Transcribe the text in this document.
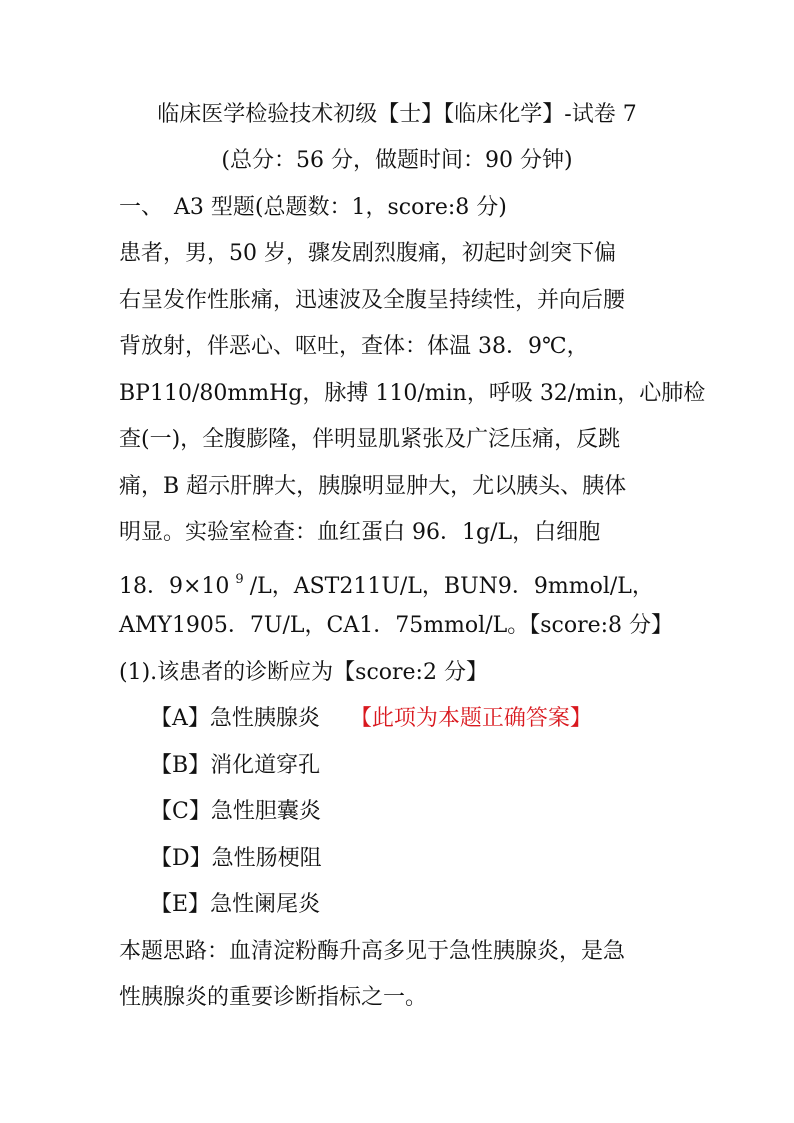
临床医学检验技术初级【士】【临床化学】-试卷 7
(总分：56 分，做题时间：90 分钟)
一、　A3 型题(总题数：1，score:8 分)
患者，男，50 岁，骤发剧烈腹痛，初起时剑突下偏
右呈发作性胀痛，迅速波及全腹呈持续性，并向后腰
背放射，伴恶心、呕吐，查体：体温 38．9℃，
BP110/80mmHg，脉搏 110/min，呼吸 32/min，心肺检
查(一)，全腹膨隆，伴明显肌紧张及广泛压痛，反跳
痛，B 超示肝脾大，胰腺明显肿大，尤以胰头、胰体
明显。实验室检查：血红蛋白 96．1g/L，白细胞
18．9×10 $^9$ /L，AST211U/L，BUN9．9mmol/L，
AMY1905．7U/L，CA1．75mmol/L。【score:8 分】
(1).该患者的诊断应为【score:2 分】
【A】急性胰腺炎 【此项为本题正确答案】
【B】消化道穿孔
【C】急性胆囊炎
【D】急性肠梗阻
【E】急性阑尾炎
本题思路：血清淀粉酶升高多见于急性胰腺炎，是急
性胰腺炎的重要诊断指标之一。
